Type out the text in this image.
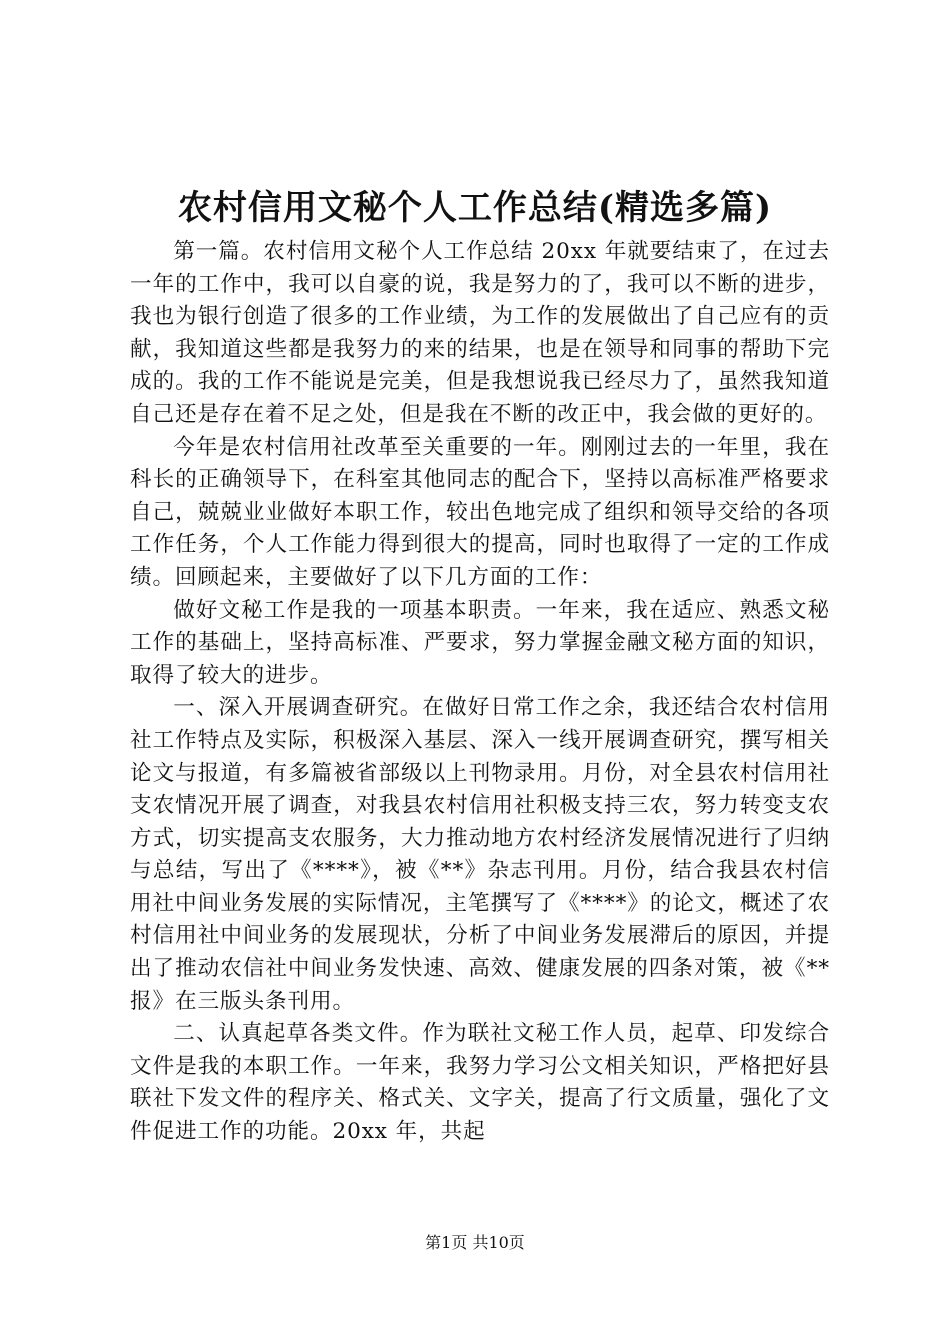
农村信用文秘个人工作总结(精选多篇)

第一篇。农村信用文秘个人工作总结 20xx 年就要结束了，在过去一年的工作中，我可以自豪的说，我是努力的了，我可以不断的进步，我也为银行创造了很多的工作业绩，为工作的发展做出了自己应有的贡献，我知道这些都是我努力的来的结果，也是在领导和同事的帮助下完成的。我的工作不能说是完美，但是我想说我已经尽力了，虽然我知道自己还是存在着不足之处，但是我在不断的改正中，我会做的更好的。

今年是农村信用社改革至关重要的一年。刚刚过去的一年里，我在科长的正确领导下，在科室其他同志的配合下，坚持以高标准严格要求自己，兢兢业业做好本职工作，较出色地完成了组织和领导交给的各项工作任务，个人工作能力得到很大的提高，同时也取得了一定的工作成绩。回顾起来，主要做好了以下几方面的工作：

做好文秘工作是我的一项基本职责。一年来，我在适应、熟悉文秘工作的基础上，坚持高标准、严要求，努力掌握金融文秘方面的知识，取得了较大的进步。

一、深入开展调查研究。在做好日常工作之余，我还结合农村信用社工作特点及实际，积极深入基层、深入一线开展调查研究，撰写相关论文与报道，有多篇被省部级以上刊物录用。月份，对全县农村信用社支农情况开展了调查，对我县农村信用社积极支持三农，努力转变支农方式，切实提高支农服务，大力推动地方农村经济发展情况进行了归纳与总结，写出了《****》，被《**》杂志刊用。月份，结合我县农村信用社中间业务发展的实际情况，主笔撰写了《****》的论文，概述了农村信用社中间业务的发展现状，分析了中间业务发展滞后的原因，并提出了推动农信社中间业务发快速、高效、健康发展的四条对策，被《**报》在三版头条刊用。

二、认真起草各类文件。作为联社文秘工作人员，起草、印发综合文件是我的本职工作。一年来，我努力学习公文相关知识，严格把好县联社下发文件的程序关、格式关、文字关，提高了行文质量，强化了文件促进工作的功能。20xx 年，共起

第1页 共10页
